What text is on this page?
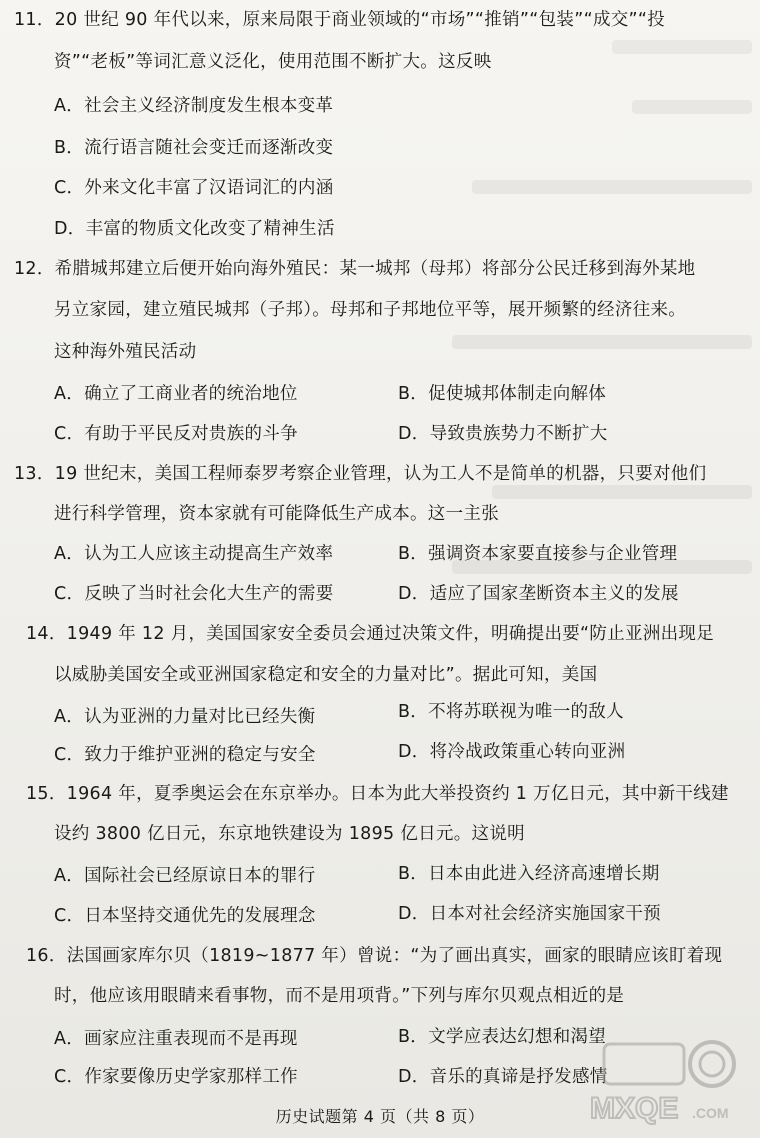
11．20 世纪 90 年代以来，原来局限于商业领域的“市场”“推销”“包装”“成交”“投
资”“老板”等词汇意义泛化，使用范围不断扩大。这反映
A．社会主义经济制度发生根本变革
B．流行语言随社会变迁而逐渐改变
C．外来文化丰富了汉语词汇的内涵
D．丰富的物质文化改变了精神生活
12．希腊城邦建立后便开始向海外殖民：某一城邦（母邦）将部分公民迁移到海外某地
另立家园，建立殖民城邦（子邦）。母邦和子邦地位平等，展开频繁的经济往来。
这种海外殖民活动
A．确立了工商业者的统治地位	B．促使城邦体制走向解体
C．有助于平民反对贵族的斗争	D．导致贵族势力不断扩大
13．19 世纪末，美国工程师泰罗考察企业管理，认为工人不是简单的机器，只要对他们
进行科学管理，资本家就有可能降低生产成本。这一主张
A．认为工人应该主动提高生产效率	B．强调资本家要直接参与企业管理
C．反映了当时社会化大生产的需要	D．适应了国家垄断资本主义的发展
14．1949 年 12 月，美国国家安全委员会通过决策文件，明确提出要“防止亚洲出现足
以威胁美国安全或亚洲国家稳定和安全的力量对比”。据此可知，美国
A．认为亚洲的力量对比已经失衡	B．不将苏联视为唯一的敌人
C．致力于维护亚洲的稳定与安全	D．将冷战政策重心转向亚洲
15．1964 年，夏季奥运会在东京举办。日本为此大举投资约 1 万亿日元，其中新干线建
设约 3800 亿日元，东京地铁建设为 1895 亿日元。这说明
A．国际社会已经原谅日本的罪行	B．日本由此进入经济高速增长期
C．日本坚持交通优先的发展理念	D．日本对社会经济实施国家干预
16．法国画家库尔贝（1819~1877 年）曾说：“为了画出真实，画家的眼睛应该盯着现
时，他应该用眼睛来看事物，而不是用项背。”下列与库尔贝观点相近的是
A．画家应注重表现而不是再现	B．文学应表达幻想和渴望
C．作家要像历史学家那样工作	D．音乐的真谛是抒发感情
历史试题第 4 页（共 8 页）	MXQE .COM
